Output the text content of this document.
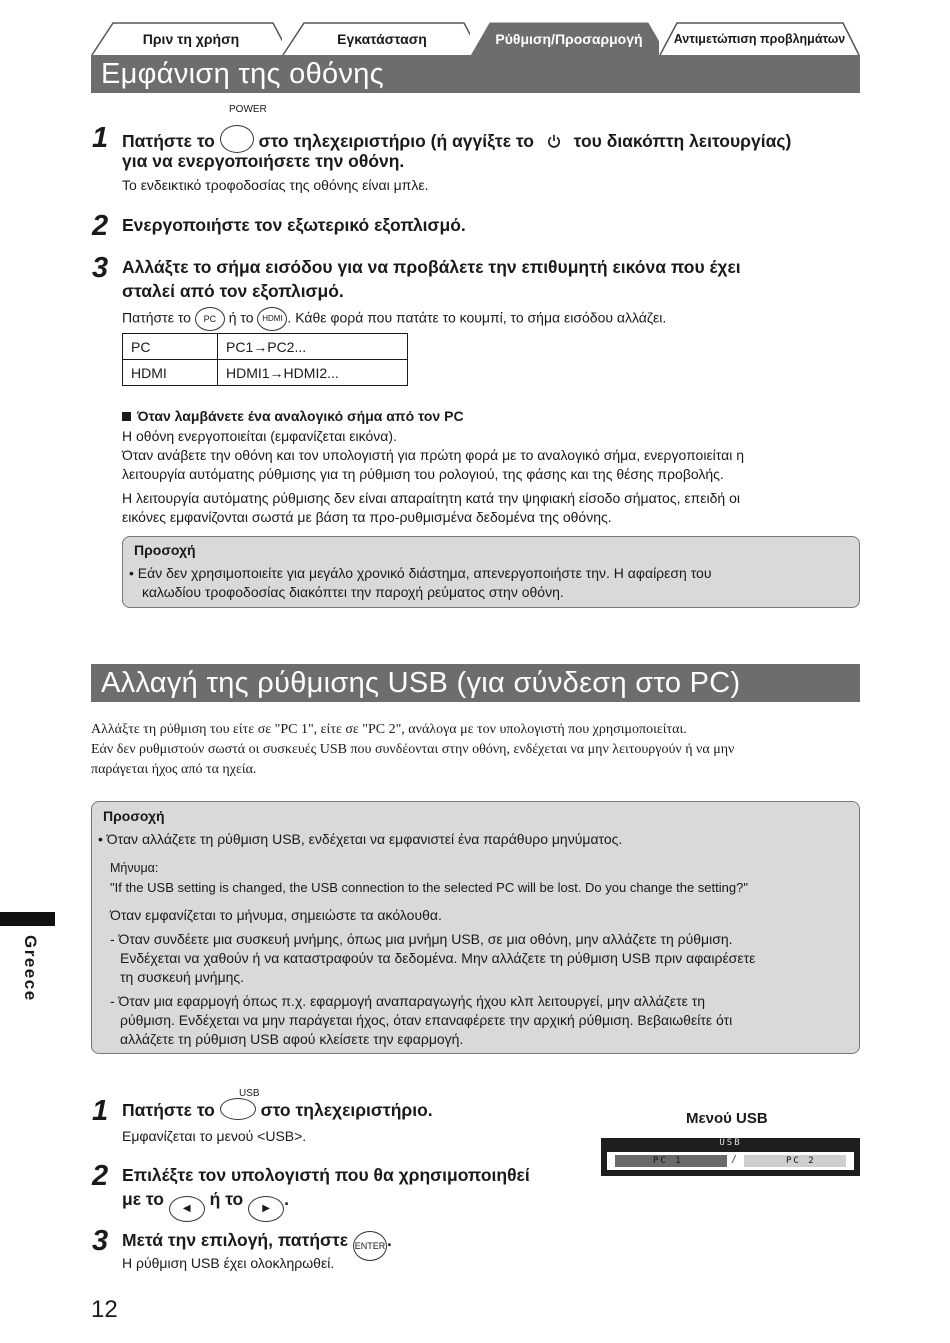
Πριν τη χρήση	Εγκατάσταση	Ρύθμιση/Προσαρμογή Αντιμετώπιση προβλημάτων
Εμφάνιση της οθόνης
POWER
1 Πατήστε το	στο τηλεχειριστήριο (ή αγγίξτε το του διακόπτη λειτουργίας)
για να ενεργοποιήσετε την οθόνη.
Το ενδεικτικό τροφοδοσίας της οθόνης είναι μπλε.
2 Ενεργοποιήστε τον εξωτερικό εξοπλισμό.
3 Αλλάξτε το σήμα εισόδου για να προβάλετε την επιθυμητή εικόνα που έχει
σταλεί από τον εξοπλισμό.
Πατήστε το PC ή το HDMI . Κάθε φορά που πατάτε το κουμπί, το σήμα εισόδου αλλάζει.
PC	PC1→PC2...
HDMI	HDMI1→HDMI2...
Όταν λαμβάνετε ένα αναλογικό σήμα από τον PC
Η οθόνη ενεργοποιείται (εμφανίζεται εικόνα).
Όταν ανάβετε την οθόνη και τον υπολογιστή για πρώτη φορά με το αναλογικό σήμα, ενεργοποιείται η
λειτουργία αυτόματης ρύθμισης για τη ρύθμιση του ρολογιού, της φάσης και της θέσης προβολής.
Η λειτουργία αυτόματης ρύθμισης δεν είναι απαραίτητη κατά την ψηφιακή είσοδο σήματος, επειδή οι
εικόνες εμφανίζονται σωστά με βάση τα προ-ρυθμισμένα δεδομένα της οθόνης.
Προσοχή
• Εάν δεν χρησιμοποιείτε για μεγάλο χρονικό διάστημα, απενεργοποιήστε την. Η αφαίρεση του
καλωδίου τροφοδοσίας διακόπτει την παροχή ρεύματος στην οθόνη.
Αλλαγή της ρύθμισης USB (για σύνδεση στο PC)
Αλλάξτε τη ρύθμιση του είτε σε "PC 1", είτε σε "PC 2", ανάλογα με τον υπολογιστή που χρησιμοποιείται.
Εάν δεν ρυθμιστούν σωστά οι συσκευές USB που συνδέονται στην οθόνη, ενδέχεται να μην λειτουργούν ή να μην
παράγεται ήχος από τα ηχεία.
Προσοχή
• Όταν αλλάζετε τη ρύθμιση USB, ενδέχεται να εμφανιστεί ένα παράθυρο μηνύματος.
Μήνυμα:
"If the USB setting is changed, the USB connection to the selected PC will be lost. Do you change the setting?"
Όταν εμφανίζεται το μήνυμα, σημειώστε τα ακόλουθα.
- Όταν συνδέετε μια συσκευή μνήμης, όπως μια μνήμη USB, σε μια οθόνη, μην αλλάζετε τη ρύθμιση.
Ενδέχεται να χαθούν ή να καταστραφούν τα δεδομένα. Μην αλλάζετε τη ρύθμιση USB πριν αφαιρέσετε
τη συσκευή μνήμης.
- Όταν μια εφαρμογή όπως π.χ. εφαρμογή αναπαραγωγής ήχου κλπ λειτουργεί, μην αλλάζετε τη
ρύθμιση. Ενδέχεται να μην παράγεται ήχος, όταν επαναφέρετε την αρχική ρύθμιση. Βεβαιωθείτε ότι
αλλάζετε τη ρύθμιση USB αφού κλείσετε την εφαρμογή.
USB
1 Πατήστε το	στο τηλεχειριστήριο.
Εμφανίζεται το μενού <USB>.
2 Επιλέξτε τον υπολογιστή που θα χρησιμοποιηθεί
με το ◀ ή το ▶ .
3 Μετά την επιλογή, πατήστε ENTER .
Η ρύθμιση USB έχει ολοκληρωθεί.
Μενού USB
USB
PC 1	/	PC 2
Greece
12
